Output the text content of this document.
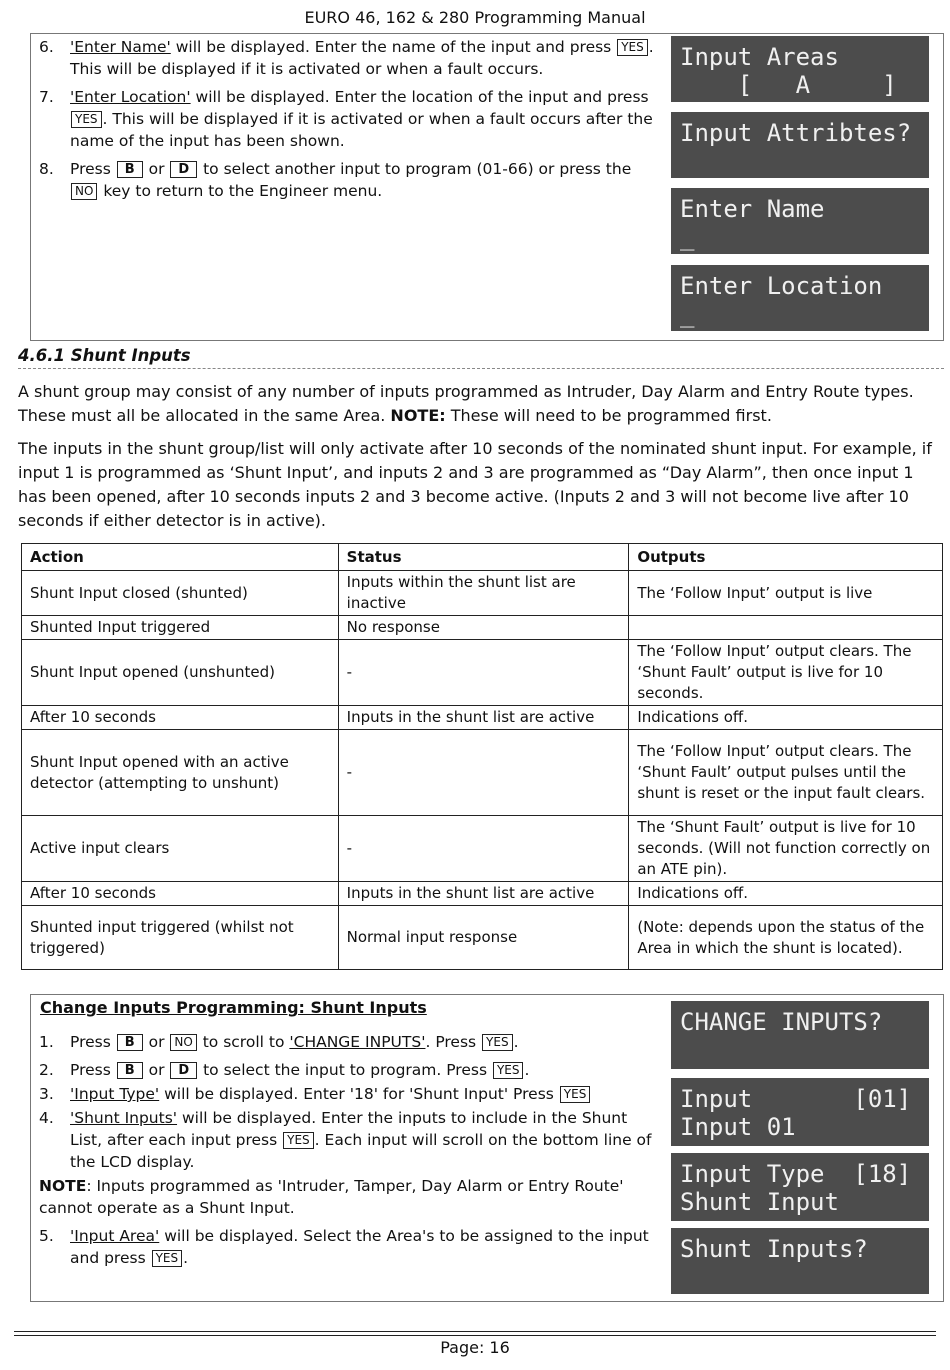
EURO 46, 162 & 280 Programming Manual
6.	'Enter Name' will be displayed. Enter the name of the input and press YES . This will be displayed if it is activated or when a fault occurs.
7.	'Enter Location' will be displayed. Enter the location of the input and press YES . This will be displayed if it is activated or when a fault occurs after the name of the input has been shown.
8.	Press B or D to select another input to program (01-66) or press the NO key to return to the Engineer menu.
Input Areas
[   A     ]
Input Attribtes?
Enter Name
_
Enter Location
_
4.6.1 Shunt Inputs
A shunt group may consist of any number of inputs programmed as Intruder, Day Alarm and Entry Route types. These must all be allocated in the same Area. NOTE: These will need to be programmed first.
The inputs in the shunt group/list will only activate after 10 seconds of the nominated shunt input. For example, if input 1 is programmed as ‘Shunt Input’, and inputs 2 and 3 are programmed as “Day Alarm”, then once input 1 has been opened, after 10 seconds inputs 2 and 3 become active. (Inputs 2 and 3 will not become live after 10 seconds if either detector is in active).
Action	Status	Outputs
Shunt Input closed (shunted)	Inputs within the shunt list are inactive	The ‘Follow Input’ output is live
Shunted Input triggered	No response	
Shunt Input opened (unshunted)	-	The ‘Follow Input’ output clears. The ‘Shunt Fault’ output is live for 10 seconds.
After 10 seconds	Inputs in the shunt list are active	Indications off.
Shunt Input opened with an active detector (attempting to unshunt)	-	The ‘Follow Input’ output clears. The ‘Shunt Fault’ output pulses until the shunt is reset or the input fault clears.
Active input clears	-	The ‘Shunt Fault’ output is live for 10 seconds. (Will not function correctly on an ATE pin).
After 10 seconds	Inputs in the shunt list are active	Indications off.
Shunted input triggered (whilst not triggered)	Normal input response	(Note: depends upon the status of the Area in which the shunt is located).
Change Inputs Programming: Shunt Inputs
1.	Press B or NO to scroll to 'CHANGE INPUTS'. Press YES .
2.	Press B or D to select the input to program. Press YES .
3.	'Input Type' will be displayed. Enter '18' for 'Shunt Input' Press YES
4.	'Shunt Inputs' will be displayed. Enter the inputs to include in the Shunt List, after each input press YES . Each input will scroll on the bottom line of the LCD display.
NOTE: Inputs programmed as 'Intruder, Tamper, Day Alarm or Entry Route' cannot operate as a Shunt Input.
5.	'Input Area' will be displayed. Select the Area's to be assigned to the input and press YES .
CHANGE INPUTS?
Input       [01]
Input 01
Input Type  [18]
Shunt Input
Shunt Inputs?
Page: 16
